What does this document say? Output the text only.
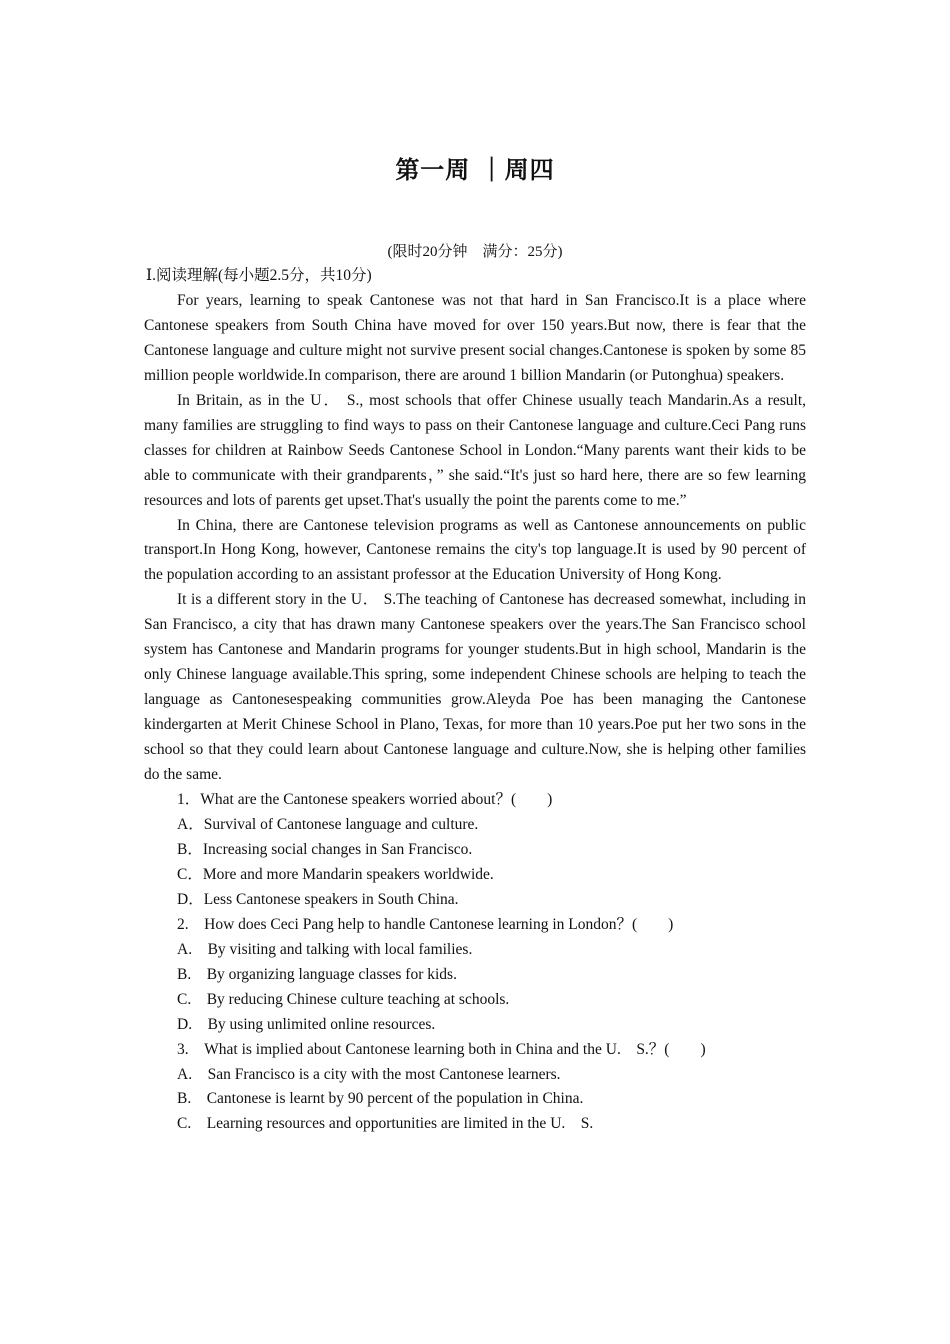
第一周 ｜周四
(限时20分钟　满分：25分)

Ⅰ.阅读理解(每小题2.5分，共10分)

For years, learning to speak Cantonese was not that hard in San Francisco.It is a place where Cantonese speakers from South China have moved for over 150 years.But now, there is fear that the Cantonese language and culture might not survive present social changes.Cantonese is spoken by some 85 million people worldwide.In comparison, there are around 1 billion Mandarin (or Putonghua) speakers.

In Britain, as in the U． S., most schools that offer Chinese usually teach Mandarin.As a result, many families are struggling to find ways to pass on their Cantonese language and culture.Ceci Pang runs classes for children at Rainbow Seeds Cantonese School in London.“Many parents want their kids to be able to communicate with their grandparents，” she said.“It's just so hard here, there are so few learning resources and lots of parents get upset.That's usually the point the parents come to me.”

In China, there are Cantonese television programs as well as Cantonese announcements on public transport.In Hong Kong, however, Cantonese remains the city's top language.It is used by 90 percent of the population according to an assistant professor at the Education University of Hong Kong.

It is a different story in the U． S.The teaching of Cantonese has decreased somewhat, including in San Francisco, a city that has drawn many Cantonese speakers over the years.The San Francisco school system has Cantonese and Mandarin programs for younger students.But in high school, Mandarin is the only Chinese language available.This spring, some independent Chinese schools are helping to teach the language as Cantonesespeaking communities grow.Aleyda Poe has been managing the Cantonese kindergarten at Merit Chinese School in Plano, Texas, for more than 10 years.Poe put her two sons in the school so that they could learn about Cantonese language and culture.Now, she is helping other families do the same.

1．What are the Cantonese speakers worried about？(　　)

A．Survival of Cantonese language and culture.

B．Increasing social changes in San Francisco.

C．More and more Mandarin speakers worldwide.

D．Less Cantonese speakers in South China.

2.　How does Ceci Pang help to handle Cantonese learning in London？(　　)

A.　By visiting and talking with local families.

B.　By organizing language classes for kids.

C.　By reducing Chinese culture teaching at schools.

D.　By using unlimited online resources.

3.　What is implied about Cantonese learning both in China and the U.　S.？(　　)

A.　San Francisco is a city with the most Cantonese learners.

B.　Cantonese is learnt by 90 percent of the population in China.

C.　Learning resources and opportunities are limited in the U.　S.
